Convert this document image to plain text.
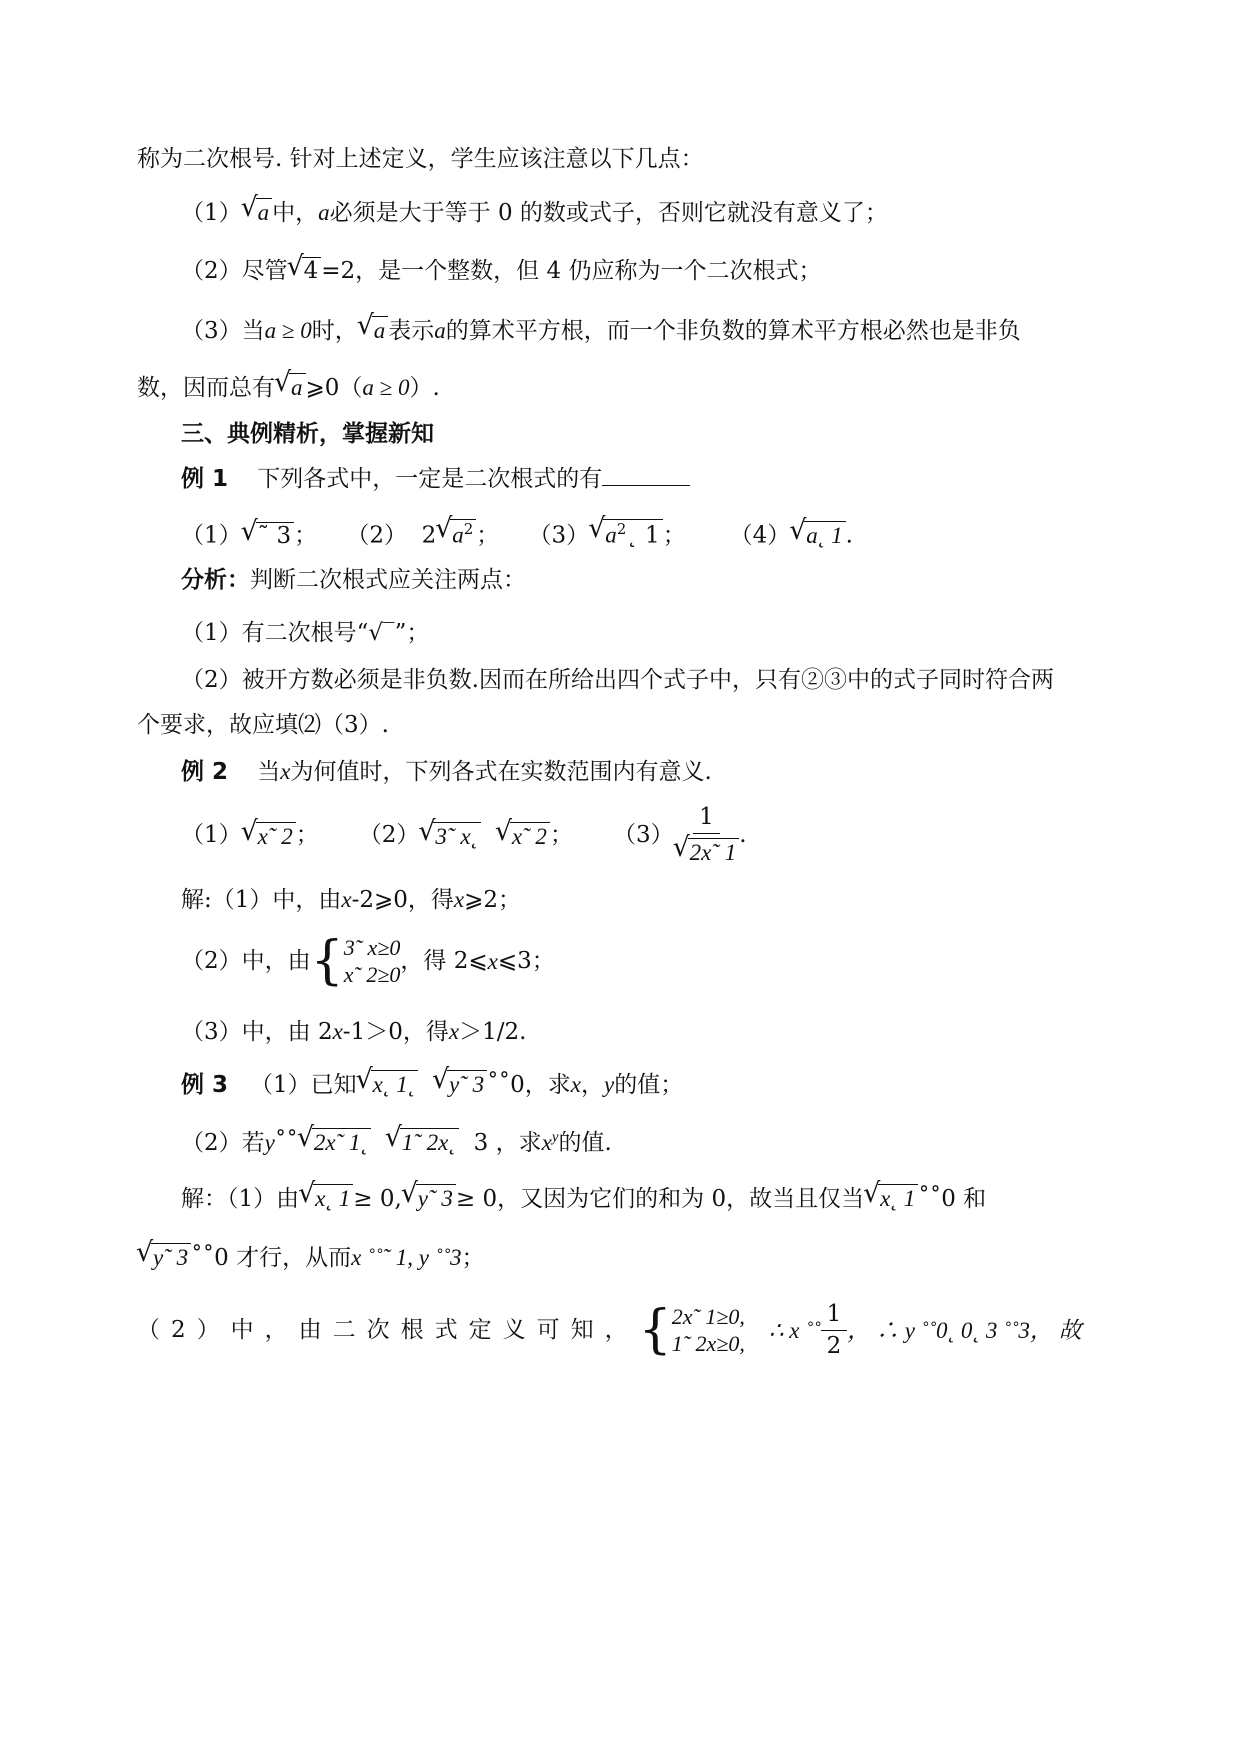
称为二次根号. 针对上述定义，学生应该注意以下几点：
（1） √ a 中，a必须是大于等于 0 的数或式子，否则它就没有意义了；
（2）尽管 √ 4 =2，是一个整数，但 4 仍应称为一个二次根式；
（3）当a ≥ 0时， √ a 表示a的算术平方根，而一个非负数的算术平方根必然也是非负
数，因而总有 √ a ⩾0（a ≥ 0）.
三、典例精析，掌握新知
例 1 下列各式中，一定是二次根式的有
（1） √ ˜ 3 ； （2） 2 √ $a^2$ ； （3） √ $a^2˛$ 1 ； （4） √ a˛ 1 .
分析：判断二次根式应关注两点：
（1）有二次根号“√‾”；
（2）被开方数必须是非负数.因而在所给出四个式子中，只有②③中的式子同时符合两
个要求，故应填⑵（3）.
例 2 当x为何值时，下列各式在实数范围内有意义.
（1） √ x˜ 2 ； （2） √ 3˜ x˛
	√ x˜ 2 ； （3） 1
√ 2x˜ 1 .
解:（1）中，由x-2⩾0，得x⩾2；
（2）中，由 { 3˜ x≥0
x˜ 2≥0
，得 2⩽ x ⩽3；
（3）中，由 2x-1＞0，得x＞1/2.
例 3 （1）已知 √ x˛ 1˛ √ y˜ 3 ˚˚0，求x，y的值；
（2）若y˚˚ √ 2x˜ 1˛ √ 1˜ 2x˛ 3 ，求$x^y$的值.
解：（1）由 √ x˛ 1 ≥ 0, √ y˜ 3 ≥ 0，又因为它们的和为 0，故当且仅当 √ x˛ 1 ˚˚0 和
√ y˜ 3 ˚˚0 才行，从而x ˚˚˜ 1, y ˚˚3；
（2）中，由二次根式定义可知， { 2x˜ 1≥0,
1˜ 2x≥0,
∴ x ˚˚ $\frac{1}{2}$ ， ∴ y ˚˚0˛ 0˛ 3 ˚˚3， 故
